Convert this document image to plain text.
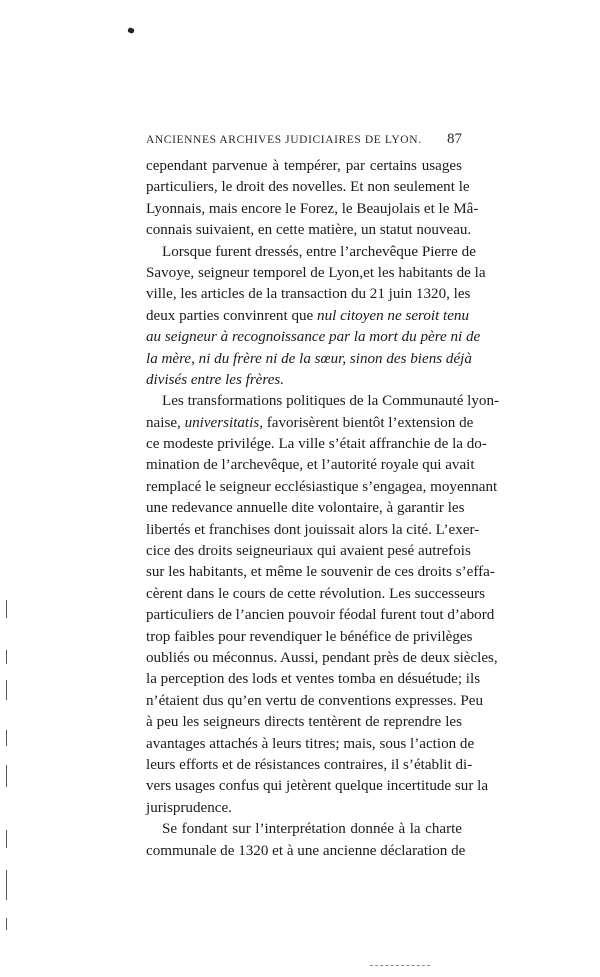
ANCIENNES ARCHIVES JUDICIAIRES DE LYON. 87
cependant parvenue à tempérer, par certains usages
particuliers, le droit des novelles. Et non seulement le
Lyonnais, mais encore le Forez, le Beaujolais et le Mâ-
connais suivaient, en cette matière, un statut nouveau.
Lorsque furent dressés, entre l’archevêque Pierre de
Savoye, seigneur temporel de Lyon,et les habitants de la
ville, les articles de la transaction du 21 juin 1320, les
deux parties convinrent que nul citoyen ne seroit tenu
au seigneur à recognoissance par la mort du père ni de
la mère, ni du frère ni de la sœur, sinon des biens déjà
divisés entre les frères.
Les transformations politiques de la Communauté lyon-
naise, universitatis, favorisèrent bientôt l’extension de
ce modeste privilége. La ville s’était affranchie de la do-
mination de l’archevêque, et l’autorité royale qui avait
remplacé le seigneur ecclésiastique s’engagea, moyennant
une redevance annuelle dite volontaire, à garantir les
libertés et franchises dont jouissait alors la cité. L’exer-
cice des droits seigneuriaux qui avaient pesé autrefois
sur les habitants, et même le souvenir de ces droits s’effa-
cèrent dans le cours de cette révolution. Les successeurs
particuliers de l’ancien pouvoir féodal furent tout d’abord
trop faibles pour revendiquer le bénéfice de privilèges
oubliés ou méconnus. Aussi, pendant près de deux siècles,
la perception des lods et ventes tomba en désuétude; ils
n’étaient dus qu’en vertu de conventions expresses. Peu
à peu les seigneurs directs tentèrent de reprendre les
avantages attachés à leurs titres; mais, sous l’action de
leurs efforts et de résistances contraires, il s’établit di-
vers usages confus qui jetèrent quelque incertitude sur la
jurisprudence.
Se fondant sur l’interprétation donnée à la charte
communale de 1320 et à une ancienne déclaration de
